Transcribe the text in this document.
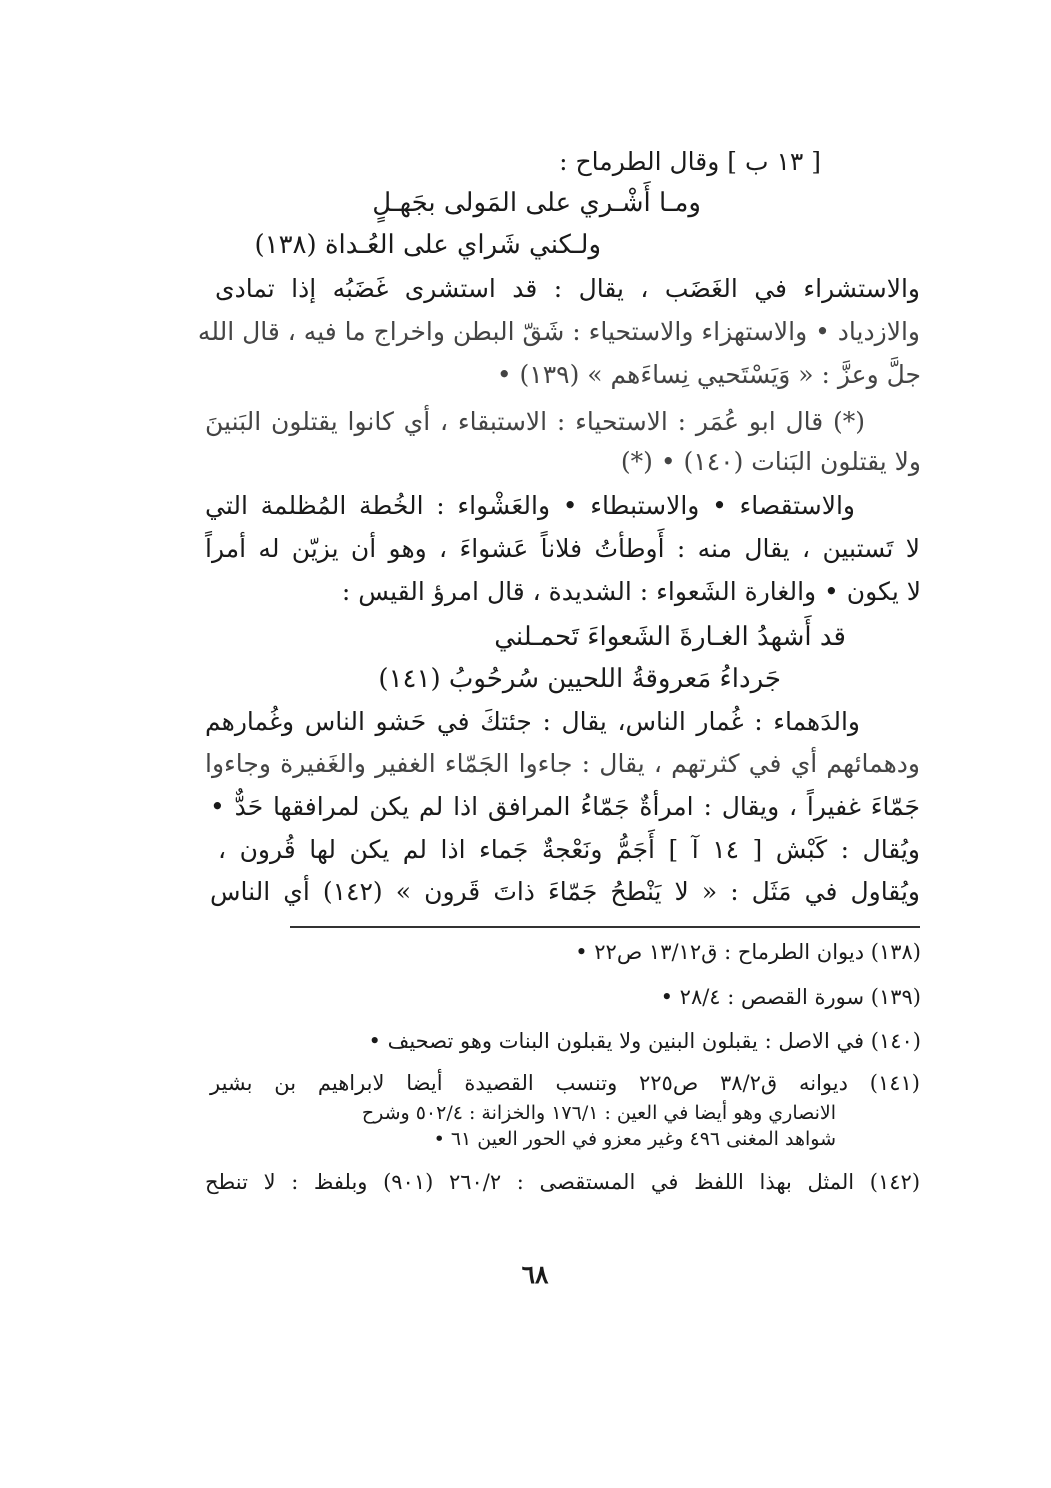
[ ١٣ ب ] وقال الطرماح :
ومـا أَشْـري على المَولى بجَهـلٍ
ولـكني شَراي على العُـداة (١٣٨)
والاستشراء في الغَضَب ، يقال : قد استشرى غَضَبُه إذا تمادى
والازدياد • والاستهزاء والاستحياء : شَقّ البطن واخراج ما فيه ، قال الله
جلَّ وعزَّ : « وَيَسْتَحيي نِساءَهم » (١٣٩) •
(*) قال ابو عُمَر : الاستحياء : الاستبقاء ، أي كانوا يقتلون البَنينَ
ولا يقتلون البَنات (١٤٠) • (*)
والاستقصاء • والاستبطاء • والعَشْواء : الخُطة المُظلمة التي
لا تَستبين ، يقال منه : أَوطأتُ فلاناً عَشواءَ ، وهو أن يزيّن له أمراً
لا يكون • والغارة الشَعواء : الشديدة ، قال امرؤ القيس :
قد أَشهدُ الغـارةَ الشَعواءَ تَحمـلني
جَرداءُ مَعروقةُ اللحيين سُرحُوبُ (١٤١)
والدَهماء : غُمار الناس، يقال : جئتكَ في حَشو الناس وغُمارهم
ودهمائهم أي في كثرتهم ، يقال : جاءوا الجَمّاء الغفير والغَفيرة وجاءوا
جَمّاءَ غفيراً ، ويقال : امرأةٌ جَمّاءُ المرافق اذا لم يكن لمرافقها حَدٌّ •
ويُقال : كَبْش [ ١٤ آ ] أَجَمُّ ونَعْجةٌ جَماء اذا لم يكن لها قُرون ،
ويُقاول في مَثَل : « لا يَنْطحُ جَمّاءَ ذاتَ قَرون » (١٤٢) أي الناس
(١٣٨) ديوان الطرماح : ق١٣/١٢ ص٢٢ •
(١٣٩) سورة القصص : ٢٨/٤ •
(١٤٠) في الاصل : يقبلون البنين ولا يقبلون البنات وهو تصحيف •
(١٤١) ديوانه ق٣٨/٢ ص٢٢٥ وتنسب القصيدة أيضا لابراهيم بن بشير
الانصاري وهو أيضا في العين : ١٧٦/١ والخزانة : ٥٠٢/٤ وشرح
شواهد المغنى ٤٩٦ وغير معزو في الحور العين ٦١ •
(١٤٢) المثل بهذا اللفظ في المستقصى : ٢٦٠/٢ (٩٠١) وبلفظ : لا تنطح
٦٨
